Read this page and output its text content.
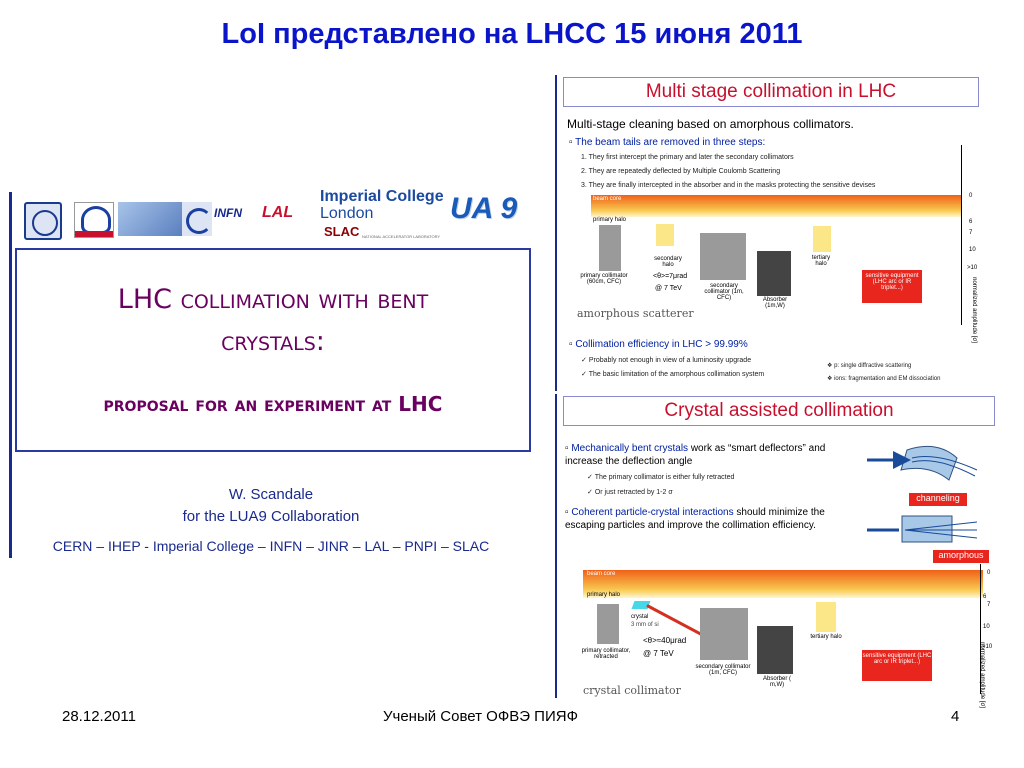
LoI представлено на LHCC 15 июня 2011
INFN	LAL
Imperial College
London
SLAC NATIONAL ACCELERATOR LABORATORY
UA 9
LHC collimation with bent
crystals:
proposal for an experiment at LHC
W. Scandale
for the LUA9 Collaboration
CERN – IHEP - Imperial College – INFN – JINR – LAL – PNPI – SLAC
Multi stage collimation in LHC
Multi-stage cleaning based on amorphous collimators.
▫ The beam tails are removed in three steps:
1. They first intercept the primary and later the secondary collimators
2. They are repeatedly deflected by Multiple Coulomb Scattering
3. They are finally intercepted in the absorber and in the masks protecting the sensitive devises
beam core
primary halo
sensitive equipment (LHC arc or IR triplet...)
secondary halo
<θ>=7μrad
@ 7 TeV
tertiary halo
primary collimator (60cm, CFC)
secondary collimator (1m, CFC)	Absorber (1m,W)
amorphous scatterer
0
6
7
10
>10
normalized amplitude [σ]
▫ Collimation efficiency in LHC > 99.99%
✓ Probably not enough in view of a luminosity upgrade
✓ The basic limitation of the amorphous collimation system
❖ p: single diffractive scattering
❖ ions: fragmentation and EM dissociation
Crystal assisted collimation
▫ Mechanically bent crystals work as “smart deflectors” and increase the deflection angle
✓ The primary collimator is either fully retracted
✓ Or just retracted by 1-2 σ
▫ Coherent particle-crystal interactions should minimize the escaping particles and improve the collimation efficiency.
channeling
amorphous
beam core
primary halo
sensitive equipment (LHC arc or IR triplet...)
crystal
3 mm of si
<θ>≈40μrad
@ 7 TeV
tertiary halo
primary collimator, retracted
secondary collimator (1m, CFC)
Absorber ( m,W)
crystal collimator
0
6
7
10
>10
normalized amplitude [σ]
28.12.2011	Ученый Совет ОФВЭ ПИЯФ	4
